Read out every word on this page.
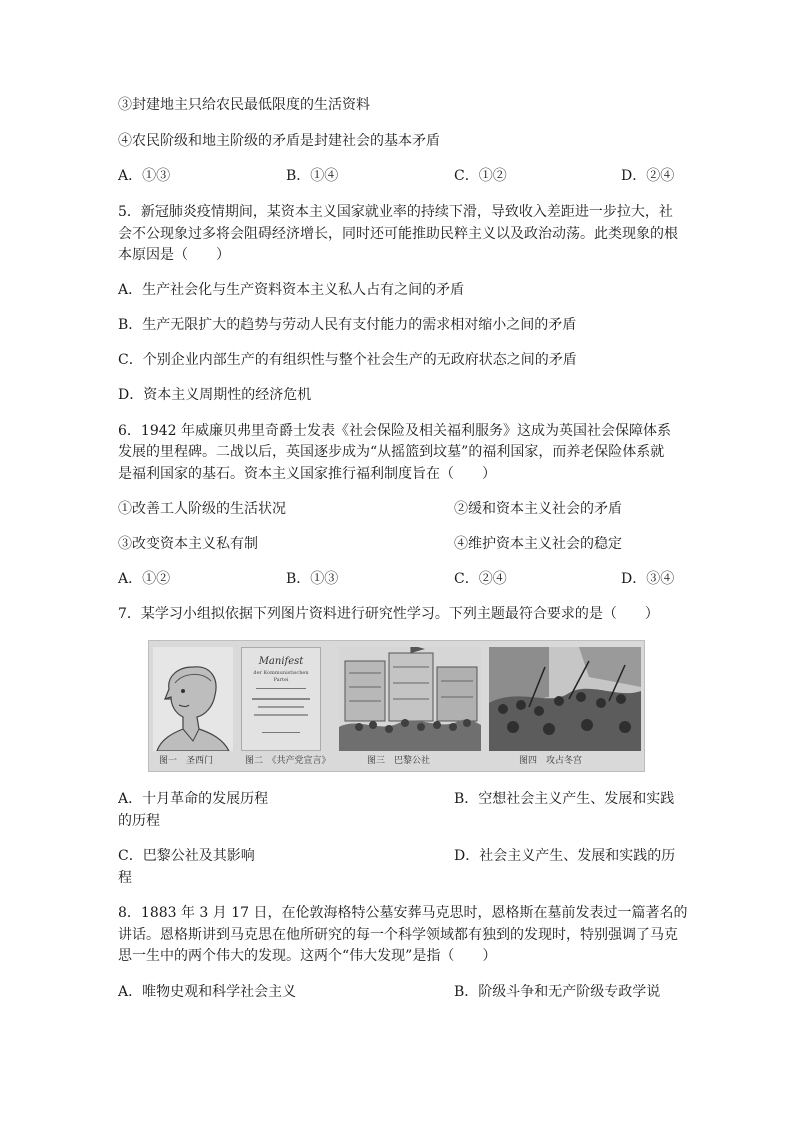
③封建地主只给农民最低限度的生活资料
④农民阶级和地主阶级的矛盾是封建社会的基本矛盾
A．①③	B．①④	C．①②	D．②④
5．新冠肺炎疫情期间，某资本主义国家就业率的持续下滑，导致收入差距进一步拉大，社
会不公现象过多将会阻碍经济增长，同时还可能推助民粹主义以及政治动荡。此类现象的根
本原因是（　　）
A．生产社会化与生产资料资本主义私人占有之间的矛盾
B．生产无限扩大的趋势与劳动人民有支付能力的需求相对缩小之间的矛盾
C．个别企业内部生产的有组织性与整个社会生产的无政府状态之间的矛盾
D．资本主义周期性的经济危机
6．1942 年威廉贝弗里奇爵士发表《社会保险及相关福利服务》这成为英国社会保障体系
发展的里程碑。二战以后，英国逐步成为“从摇篮到坟墓”的福利国家，而养老保险体系就
是福利国家的基石。资本主义国家推行福利制度旨在（　　）
①改善工人阶级的生活状况	②缓和资本主义社会的矛盾
③改变资本主义私有制	④维护资本主义社会的稳定
A．①②	B．①③	C．②④	D．③④
7．某学习小组拟依据下列图片资料进行研究性学习。下列主题最符合要求的是（　　）
Manifest
der Kommunistischen Partei
图一　圣西门	图二　《共产党宣言》	图三　巴黎公社	图四　攻占冬宫
A．十月革命的发展历程	B．空想社会主义产生、发展和实践
的历程
C．巴黎公社及其影响	D．社会主义产生、发展和实践的历
程
8．1883 年 3 月 17 日，在伦敦海格特公墓安葬马克思时，恩格斯在墓前发表过一篇著名的
讲话。恩格斯讲到马克思在他所研究的每一个科学领域都有独到的发现时，特别强调了马克
思一生中的两个伟大的发现。这两个“伟大发现”是指（　　）
A．唯物史观和科学社会主义	B．阶级斗争和无产阶级专政学说
